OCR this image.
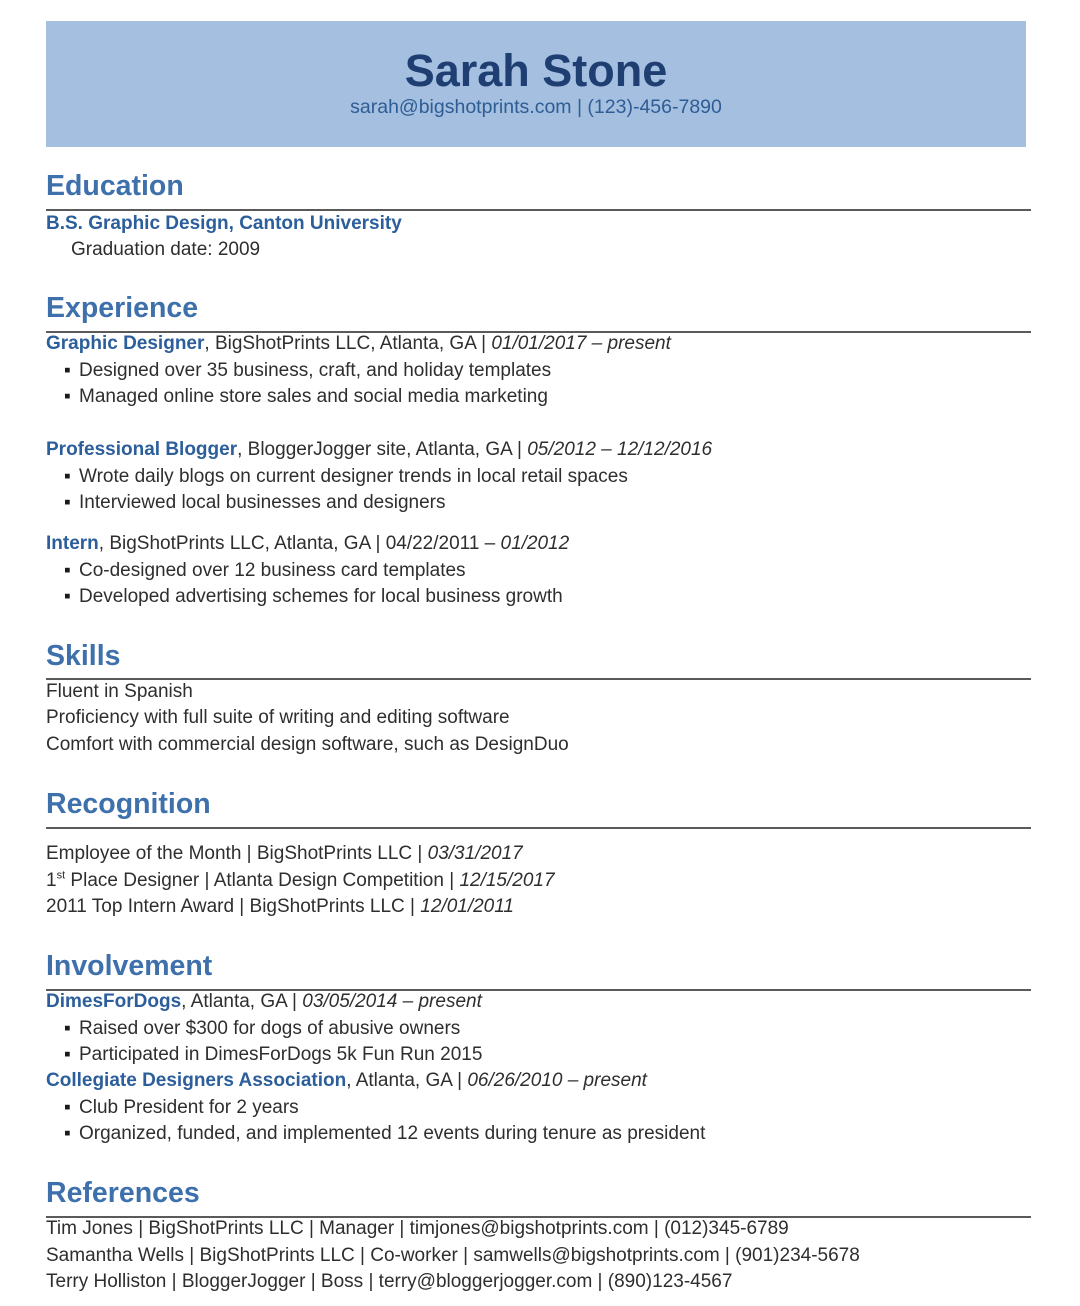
Sarah Stone
sarah@bigshotprints.com | (123)-456-7890
Education
B.S. Graphic Design, Canton University
Graduation date: 2009
Experience
Graphic Designer, BigShotPrints LLC, Atlanta, GA | 01/01/2017 – present
▪ Designed over 35 business, craft, and holiday templates
▪ Managed online store sales and social media marketing
Professional Blogger, BloggerJogger site, Atlanta, GA | 05/2012 – 12/12/2016
▪ Wrote daily blogs on current designer trends in local retail spaces
▪ Interviewed local businesses and designers
Intern, BigShotPrints LLC, Atlanta, GA | 04/22/2011 – 01/2012
▪ Co-designed over 12 business card templates
▪ Developed advertising schemes for local business growth
Skills
Fluent in Spanish
Proficiency with full suite of writing and editing software
Comfort with commercial design software, such as DesignDuo
Recognition
Employee of the Month | BigShotPrints LLC | 03/31/2017
1st Place Designer | Atlanta Design Competition | 12/15/2017
2011 Top Intern Award | BigShotPrints LLC | 12/01/2011
Involvement
DimesForDogs, Atlanta, GA | 03/05/2014 – present
▪ Raised over $300 for dogs of abusive owners
▪ Participated in DimesForDogs 5k Fun Run 2015
Collegiate Designers Association, Atlanta, GA | 06/26/2010 – present
▪ Club President for 2 years
▪ Organized, funded, and implemented 12 events during tenure as president
References
Tim Jones | BigShotPrints LLC | Manager | timjones@bigshotprints.com | (012)345-6789
Samantha Wells | BigShotPrints LLC | Co-worker | samwells@bigshotprints.com | (901)234-5678
Terry Holliston | BloggerJogger | Boss | terry@bloggerjogger.com | (890)123-4567
